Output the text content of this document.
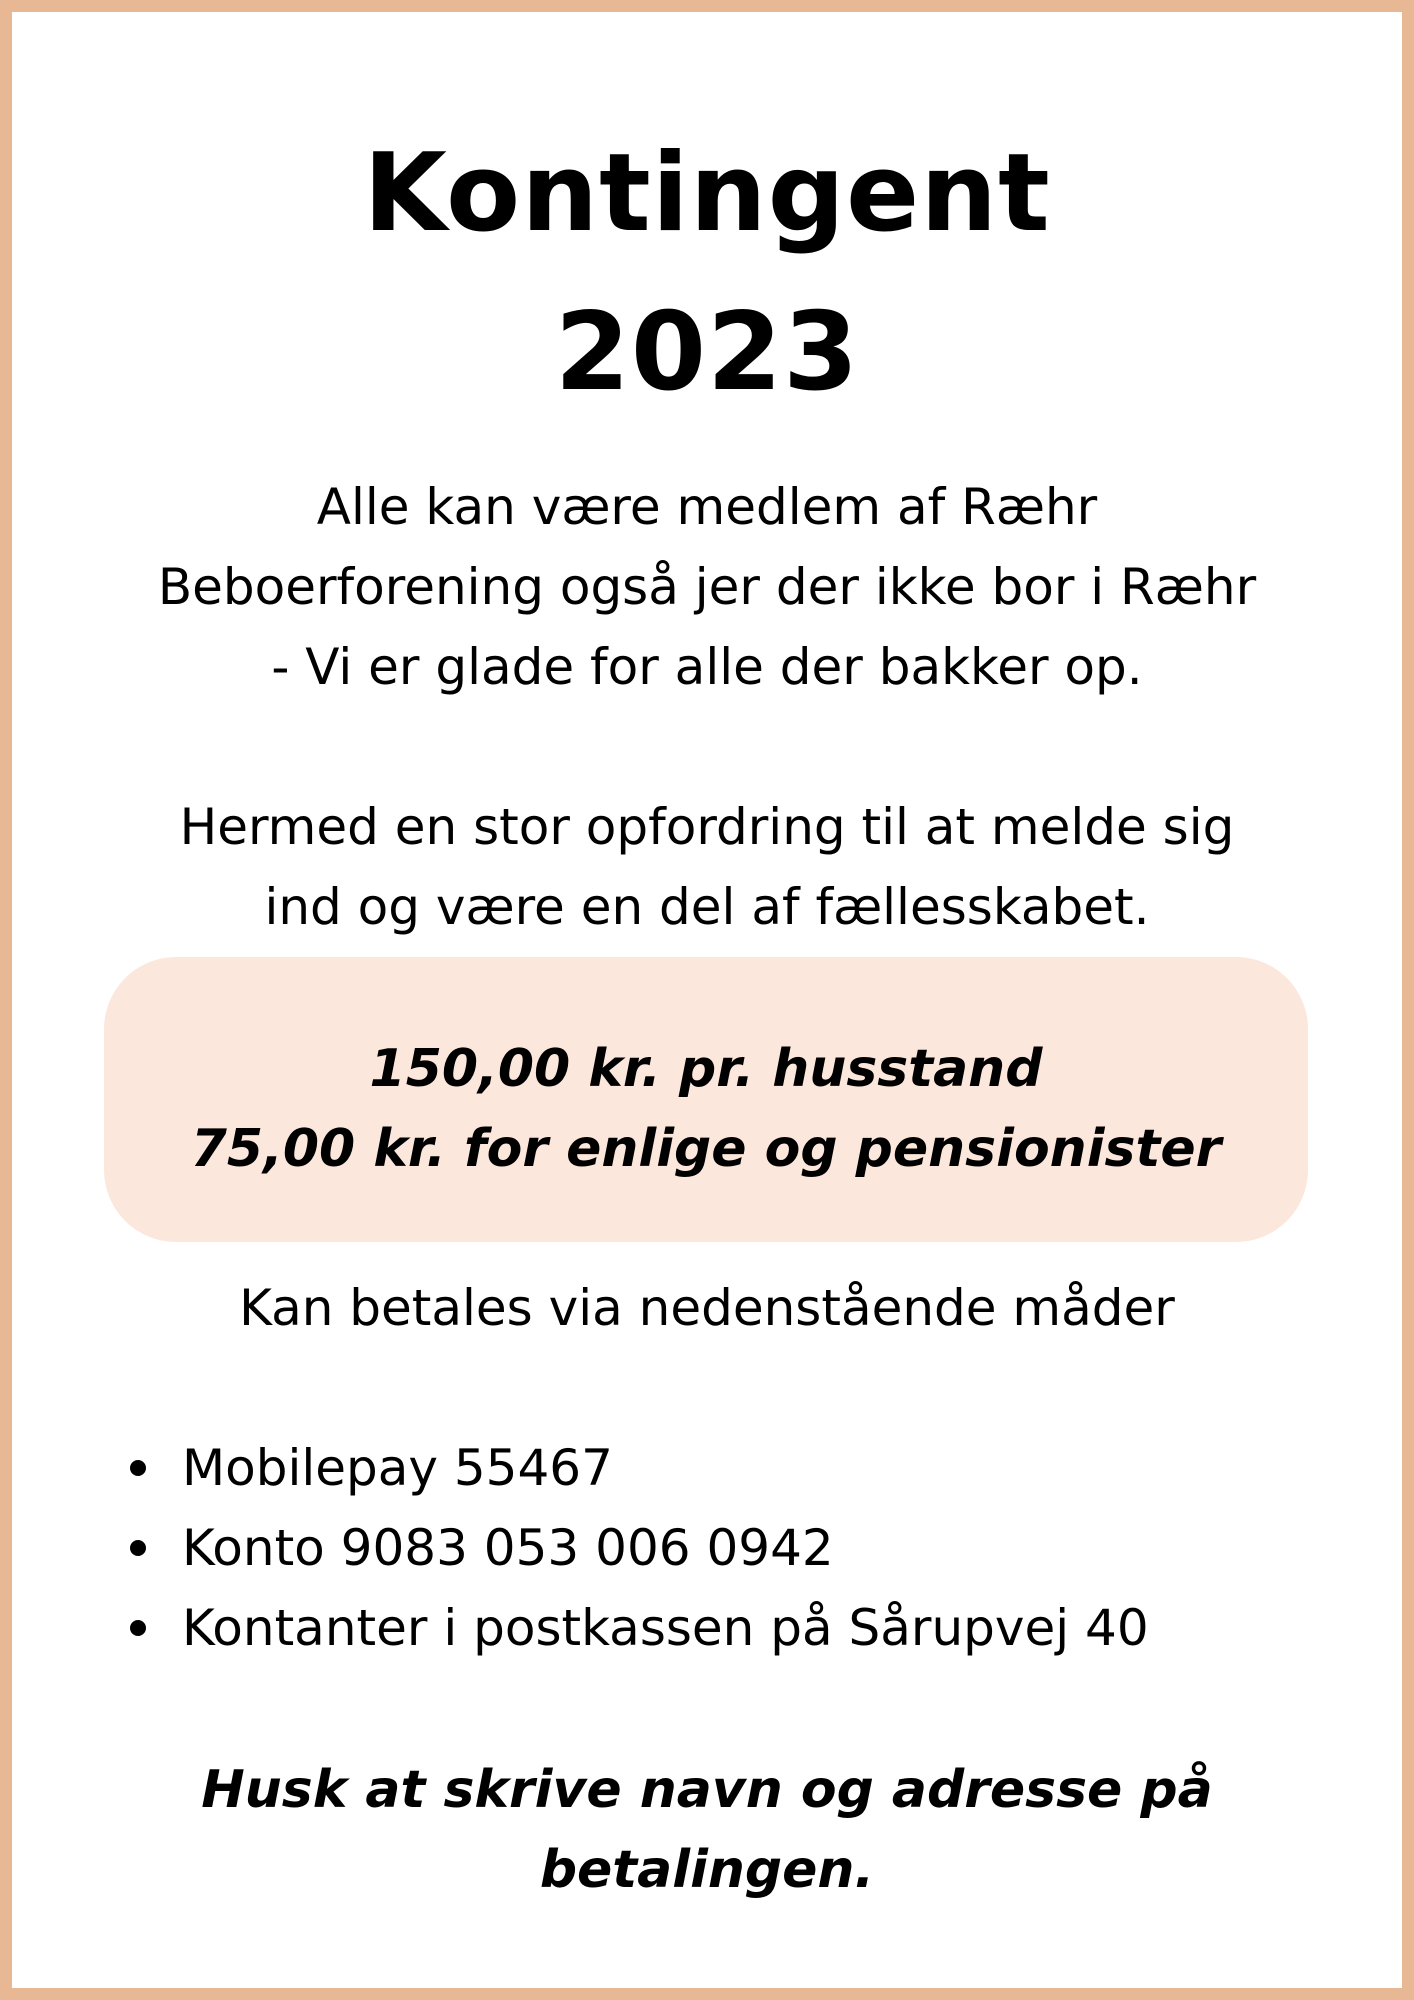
Kontingent
2023
Alle kan være medlem af Ræhr
Beboerforening også jer der ikke bor i Ræhr
- Vi er glade for alle der bakker op.
Hermed en stor opfordring til at melde sig
ind og være en del af fællesskabet.
150,00 kr. pr. husstand
75,00 kr. for enlige og pensionister
Kan betales via nedenstående måder
Mobilepay 55467
Konto 9083 053 006 0942
Kontanter i postkassen på Sårupvej 40
Husk at skrive navn og adresse på
betalingen.
